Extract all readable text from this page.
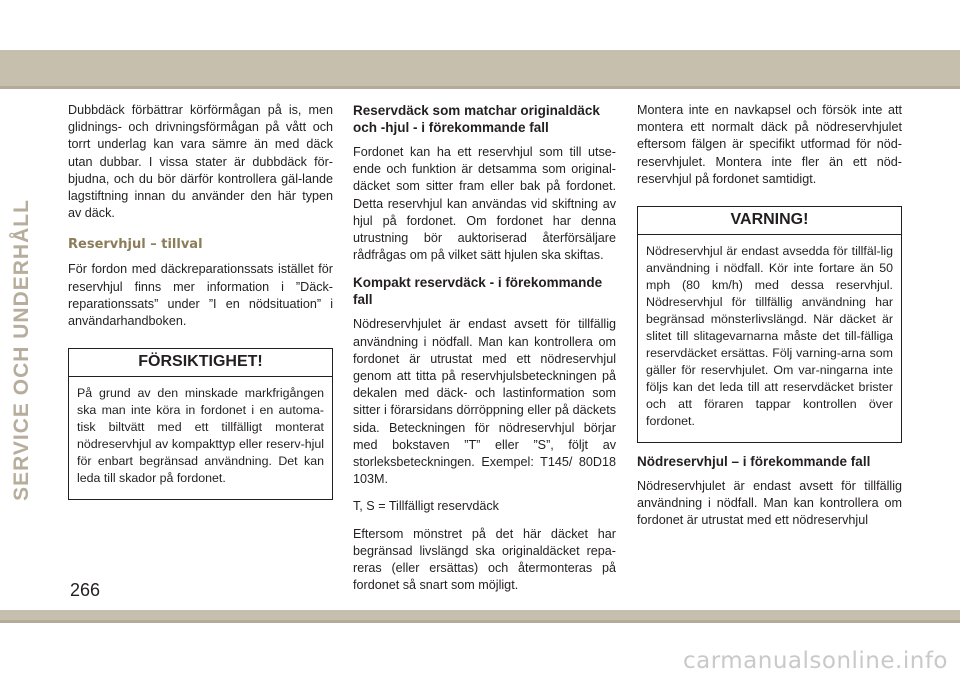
SERVICE OCH UNDERHÅLL

Dubbdäck förbättrar körförmågan på is, men glidnings- och drivningsförmågan på vått och torrt underlag kan vara sämre än med däck utan dubbar. I vissa stater är dubbdäck för-bjudna, och du bör därför kontrollera gäl-lande lagstiftning innan du använder den här typen av däck.

Reservhjul – tillval

För fordon med däckreparationssats istället för reservhjul finns mer information i ”Däck-reparationssats” under ”I en nödsituation” i användarhandboken.

FÖRSIKTIGHET!

På grund av den minskade markfrigången ska man inte köra in fordonet i en automa-tisk biltvätt med ett tillfälligt monterat nödreservhjul av kompakttyp eller reserv-hjul för enbart begränsad användning. Det kan leda till skador på fordonet.

Reservdäck som matchar originaldäck och -hjul - i förekommande fall

Fordonet kan ha ett reservhjul som till utse-ende och funktion är detsamma som original-däcket som sitter fram eller bak på fordonet. Detta reservhjul kan användas vid skiftning av hjul på fordonet. Om fordonet har denna utrustning bör auktoriserad återförsäljare rådfrågas om på vilket sätt hjulen ska skiftas.

Kompakt reservdäck - i förekommande fall

Nödreservhjulet är endast avsett för tillfällig användning i nödfall. Man kan kontrollera om fordonet är utrustat med ett nödreservhjul genom att titta på reservhjulsbeteckningen på dekalen med däck- och lastinformation som sitter i förarsidans dörröppning eller på däckets sida. Beteckningen för nödreservhjul börjar med bokstaven ”T” eller ”S”, följt av storleksbeteckningen. Exempel: T145/ 80D18 103M.

T, S = Tillfälligt reservdäck

Eftersom mönstret på det här däcket har begränsad livslängd ska originaldäcket repa-reras (eller ersättas) och återmonteras på fordonet så snart som möjligt.

Montera inte en navkapsel och försök inte att montera ett normalt däck på nödreservhjulet eftersom fälgen är specifikt utformad för nöd-reservhjulet. Montera inte fler än ett nöd-reservhjul på fordonet samtidigt.

VARNING!

Nödreservhjul är endast avsedda för tillfäl-lig användning i nödfall. Kör inte fortare än 50 mph (80 km/h) med dessa reservhjul. Nödreservhjul för tillfällig användning har begränsad mönsterlivslängd. När däcket är slitet till slitagevarnarna måste det till-fälliga reservdäcket ersättas. Följ varning-arna som gäller för reservhjulet. Om var-ningarna inte följs kan det leda till att reservdäcket brister och att föraren tappar kontrollen över fordonet.

Nödreservhjul – i förekommande fall

Nödreservhjulet är endast avsett för tillfällig användning i nödfall. Man kan kontrollera om fordonet är utrustat med ett nödreservhjul

266
carmanualsonline.info
